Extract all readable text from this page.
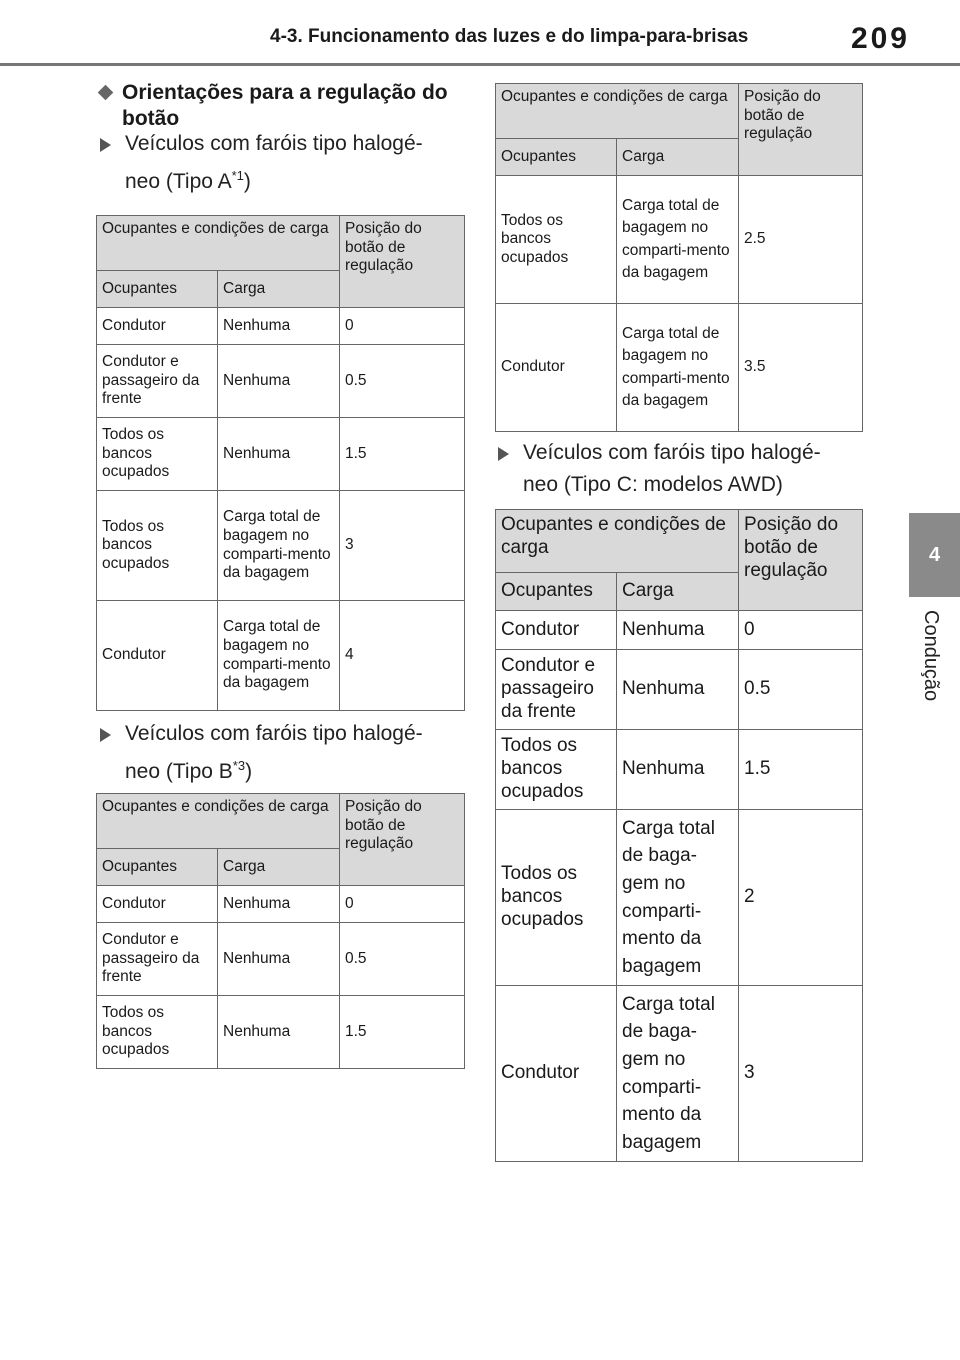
4-3. Funcionamento das luzes e do limpa-para-brisas	209
4
Condução
Orientações para a regulação do botão
Veículos com faróis tipo halogé-neo (Tipo $A^{*1}$)
Ocupantes e condições de carga		Posição do botão de regulação
Ocupantes	Carga	
Condutor	Nenhuma	0
Condutor e passageiro da frente	Nenhuma	0.5
Todos os bancos ocupados	Nenhuma	1.5
Todos os bancos ocupados	Carga total de bagagem no comparti-mento da bagagem	3
Condutor	Carga total de bagagem no comparti-mento da bagagem	4
Veículos com faróis tipo halogé-neo (Tipo $B^{*3}$)
Ocupantes e condições de carga		Posição do botão de regulação
Ocupantes	Carga	
Condutor	Nenhuma	0
Condutor e passageiro da frente	Nenhuma	0.5
Todos os bancos ocupados	Nenhuma	1.5
Ocupantes e condições de carga		Posição do botão de regulação
Ocupantes	Carga	
Todos os bancos ocupados	Carga total de bagagem no comparti-mento da bagagem	2.5
Condutor	Carga total de bagagem no comparti-mento da bagagem	3.5
Veículos com faróis tipo halogé-neo (Tipo C: modelos AWD)
Ocupantes e condições de carga		Posição do botão de regulação
Ocupantes	Carga	
Condutor	Nenhuma	0
Condutor e passageiro da frente	Nenhuma	0.5
Todos os bancos ocupados	Nenhuma	1.5
Todos os bancos ocupados	Carga total de baga-gem no comparti-mento da bagagem	2
Condutor	Carga total de baga-gem no comparti-mento da bagagem	3
